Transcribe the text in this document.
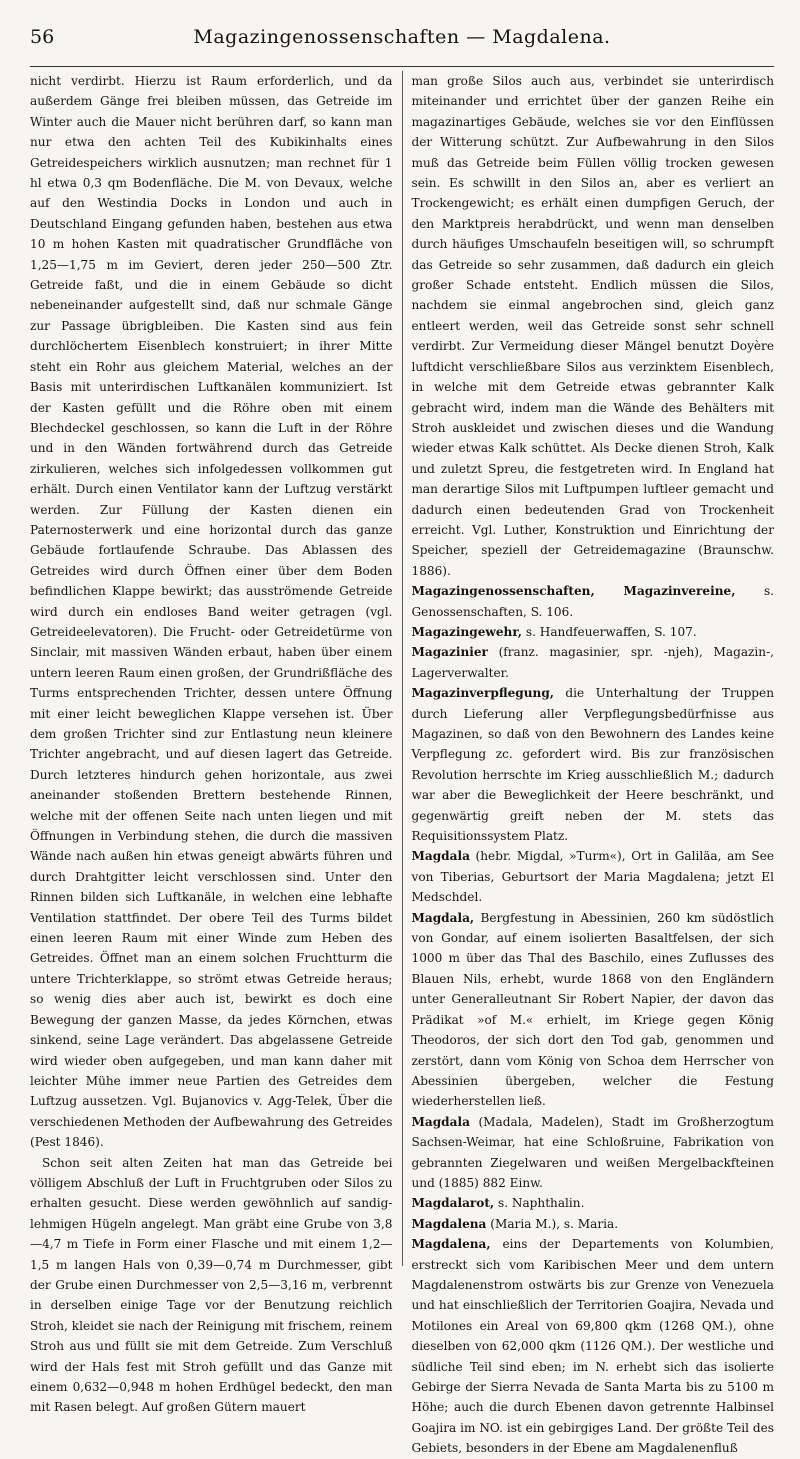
56	Magazingenossenschaften — Magdalena.

nicht verdirbt. Hierzu ist Raum erforderlich, und da außerdem Gänge frei bleiben müssen, das Getreide im Winter auch die Mauer nicht berühren darf, so kann man nur etwa den achten Teil des Kubikinhalts eines Getreidespeichers wirklich ausnutzen; man rechnet für 1 hl etwa 0,3 qm Bodenfläche. Die M. von Devaux, welche auf den Westindia Docks in London und auch in Deutschland Eingang gefunden haben, bestehen aus etwa 10 m hohen Kasten mit quadratischer Grundfläche von 1,25—1,75 m im Geviert, deren jeder 250—500 Ztr. Getreide faßt, und die in einem Gebäude so dicht nebeneinander aufgestellt sind, daß nur schmale Gänge zur Passage übrigbleiben. Die Kasten sind aus fein durchlöchertem Eisenblech konstruiert; in ihrer Mitte steht ein Rohr aus gleichem Material, welches an der Basis mit unterirdischen Luftkanälen kommuniziert. Ist der Kasten gefüllt und die Röhre oben mit einem Blechdeckel geschlossen, so kann die Luft in der Röhre und in den Wänden fortwährend durch das Getreide zirkulieren, welches sich infolgedessen vollkommen gut erhält. Durch einen Ventilator kann der Luftzug verstärkt werden. Zur Füllung der Kasten dienen ein Paternosterwerk und eine horizontal durch das ganze Gebäude fortlaufende Schraube. Das Ablassen des Getreides wird durch Öffnen einer über dem Boden befindlichen Klappe bewirkt; das ausströmende Getreide wird durch ein endloses Band weiter getragen (vgl. Getreideelevatoren). Die Frucht- oder Getreidetürme von Sinclair, mit massiven Wänden erbaut, haben über einem untern leeren Raum einen großen, der Grundrißfläche des Turms entsprechenden Trichter, dessen untere Öffnung mit einer leicht beweglichen Klappe versehen ist. Über dem großen Trichter sind zur Entlastung neun kleinere Trichter angebracht, und auf diesen lagert das Getreide. Durch letzteres hindurch gehen horizontale, aus zwei aneinander stoßenden Brettern bestehende Rinnen, welche mit der offenen Seite nach unten liegen und mit Öffnungen in Verbindung stehen, die durch die massiven Wände nach außen hin etwas geneigt abwärts führen und durch Drahtgitter leicht verschlossen sind. Unter den Rinnen bilden sich Luftkanäle, in welchen eine lebhafte Ventilation stattfindet. Der obere Teil des Turms bildet einen leeren Raum mit einer Winde zum Heben des Getreides. Öffnet man an einem solchen Fruchtturm die untere Trichterklappe, so strömt etwas Getreide heraus; so wenig dies aber auch ist, bewirkt es doch eine Bewegung der ganzen Masse, da jedes Körnchen, etwas sinkend, seine Lage verändert. Das abgelassene Getreide wird wieder oben aufgegeben, und man kann daher mit leichter Mühe immer neue Partien des Getreides dem Luftzug aussetzen. Vgl. Bujanovics v. Agg-Telek, Über die verschiedenen Methoden der Aufbewahrung des Getreides (Pest 1846).

Schon seit alten Zeiten hat man das Getreide bei völligem Abschluß der Luft in Fruchtgruben oder Silos zu erhalten gesucht. Diese werden gewöhnlich auf sandig-lehmigen Hügeln angelegt. Man gräbt eine Grube von 3,8—4,7 m Tiefe in Form einer Flasche und mit einem 1,2—1,5 m langen Hals von 0,39—0,74 m Durchmesser, gibt der Grube einen Durchmesser von 2,5—3,16 m, verbrennt in derselben einige Tage vor der Benutzung reichlich Stroh, kleidet sie nach der Reinigung mit frischem, reinem Stroh aus und füllt sie mit dem Getreide. Zum Verschluß wird der Hals fest mit Stroh gefüllt und das Ganze mit einem 0,632—0,948 m hohen Erdhügel bedeckt, den man mit Rasen belegt. Auf großen Gütern mauert

man große Silos auch aus, verbindet sie unterirdisch miteinander und errichtet über der ganzen Reihe ein magazinartiges Gebäude, welches sie vor den Einflüssen der Witterung schützt. Zur Aufbewahrung in den Silos muß das Getreide beim Füllen völlig trocken gewesen sein. Es schwillt in den Silos an, aber es verliert an Trockengewicht; es erhält einen dumpfigen Geruch, der den Marktpreis herabdrückt, und wenn man denselben durch häufiges Umschaufeln beseitigen will, so schrumpft das Getreide so sehr zusammen, daß dadurch ein gleich großer Schade entsteht. Endlich müssen die Silos, nachdem sie einmal angebrochen sind, gleich ganz entleert werden, weil das Getreide sonst sehr schnell verdirbt. Zur Vermeidung dieser Mängel benutzt Doyère luftdicht verschließbare Silos aus verzinktem Eisenblech, in welche mit dem Getreide etwas gebrannter Kalk gebracht wird, indem man die Wände des Behälters mit Stroh auskleidet und zwischen dieses und die Wandung wieder etwas Kalk schüttet. Als Decke dienen Stroh, Kalk und zuletzt Spreu, die festgetreten wird. In England hat man derartige Silos mit Luftpumpen luftleer gemacht und dadurch einen bedeutenden Grad von Trockenheit erreicht. Vgl. Luther, Konstruktion und Einrichtung der Speicher, speziell der Getreidemagazine (Braunschw. 1886).

Magazingenossenschaften, Magazinvereine, s. Genossenschaften, S. 106.

Magazingewehr, s. Handfeuerwaffen, S. 107.

Magazinier (franz. magasinier, spr. -njeh), Magazin-, Lagerverwalter.

Magazinverpflegung, die Unterhaltung der Truppen durch Lieferung aller Verpflegungsbedürfnisse aus Magazinen, so daß von den Bewohnern des Landes keine Verpflegung zc. gefordert wird. Bis zur französischen Revolution herrschte im Krieg ausschließlich M.; dadurch war aber die Beweglichkeit der Heere beschränkt, und gegenwärtig greift neben der M. stets das Requisitionssystem Platz.

Magdala (hebr. Migdal, »Turm«), Ort in Galiläa, am See von Tiberias, Geburtsort der Maria Magdalena; jetzt El Medschdel.

Magdala, Bergfestung in Abessinien, 260 km südöstlich von Gondar, auf einem isolierten Basaltfelsen, der sich 1000 m über das Thal des Baschilo, eines Zuflusses des Blauen Nils, erhebt, wurde 1868 von den Engländern unter Generalleutnant Sir Robert Napier, der davon das Prädikat »of M.« erhielt, im Kriege gegen König Theodoros, der sich dort den Tod gab, genommen und zerstört, dann vom König von Schoa dem Herrscher von Abessinien übergeben, welcher die Festung wiederherstellen ließ.

Magdala (Madala, Madelen), Stadt im Großherzogtum Sachsen-Weimar, hat eine Schloßruine, Fabrikation von gebrannten Ziegelwaren und weißen Mergelbackfteinen und (1885) 882 Einw.

Magdalarot, s. Naphthalin.

Magdalena (Maria M.), s. Maria.

Magdalena, eins der Departements von Kolumbien, erstreckt sich vom Karibischen Meer und dem untern Magdalenenstrom ostwärts bis zur Grenze von Venezuela und hat einschließlich der Territorien Goajira, Nevada und Motilones ein Areal von 69,800 qkm (1268 QM.), ohne dieselben von 62,000 qkm (1126 QM.). Der westliche und südliche Teil sind eben; im N. erhebt sich das isolierte Gebirge der Sierra Nevada de Santa Marta bis zu 5100 m Höhe; auch die durch Ebenen davon getrennte Halbinsel Goajira im NO. ist ein gebirgiges Land. Der größte Teil des Gebiets, besonders in der Ebene am Magdalenenfluß
